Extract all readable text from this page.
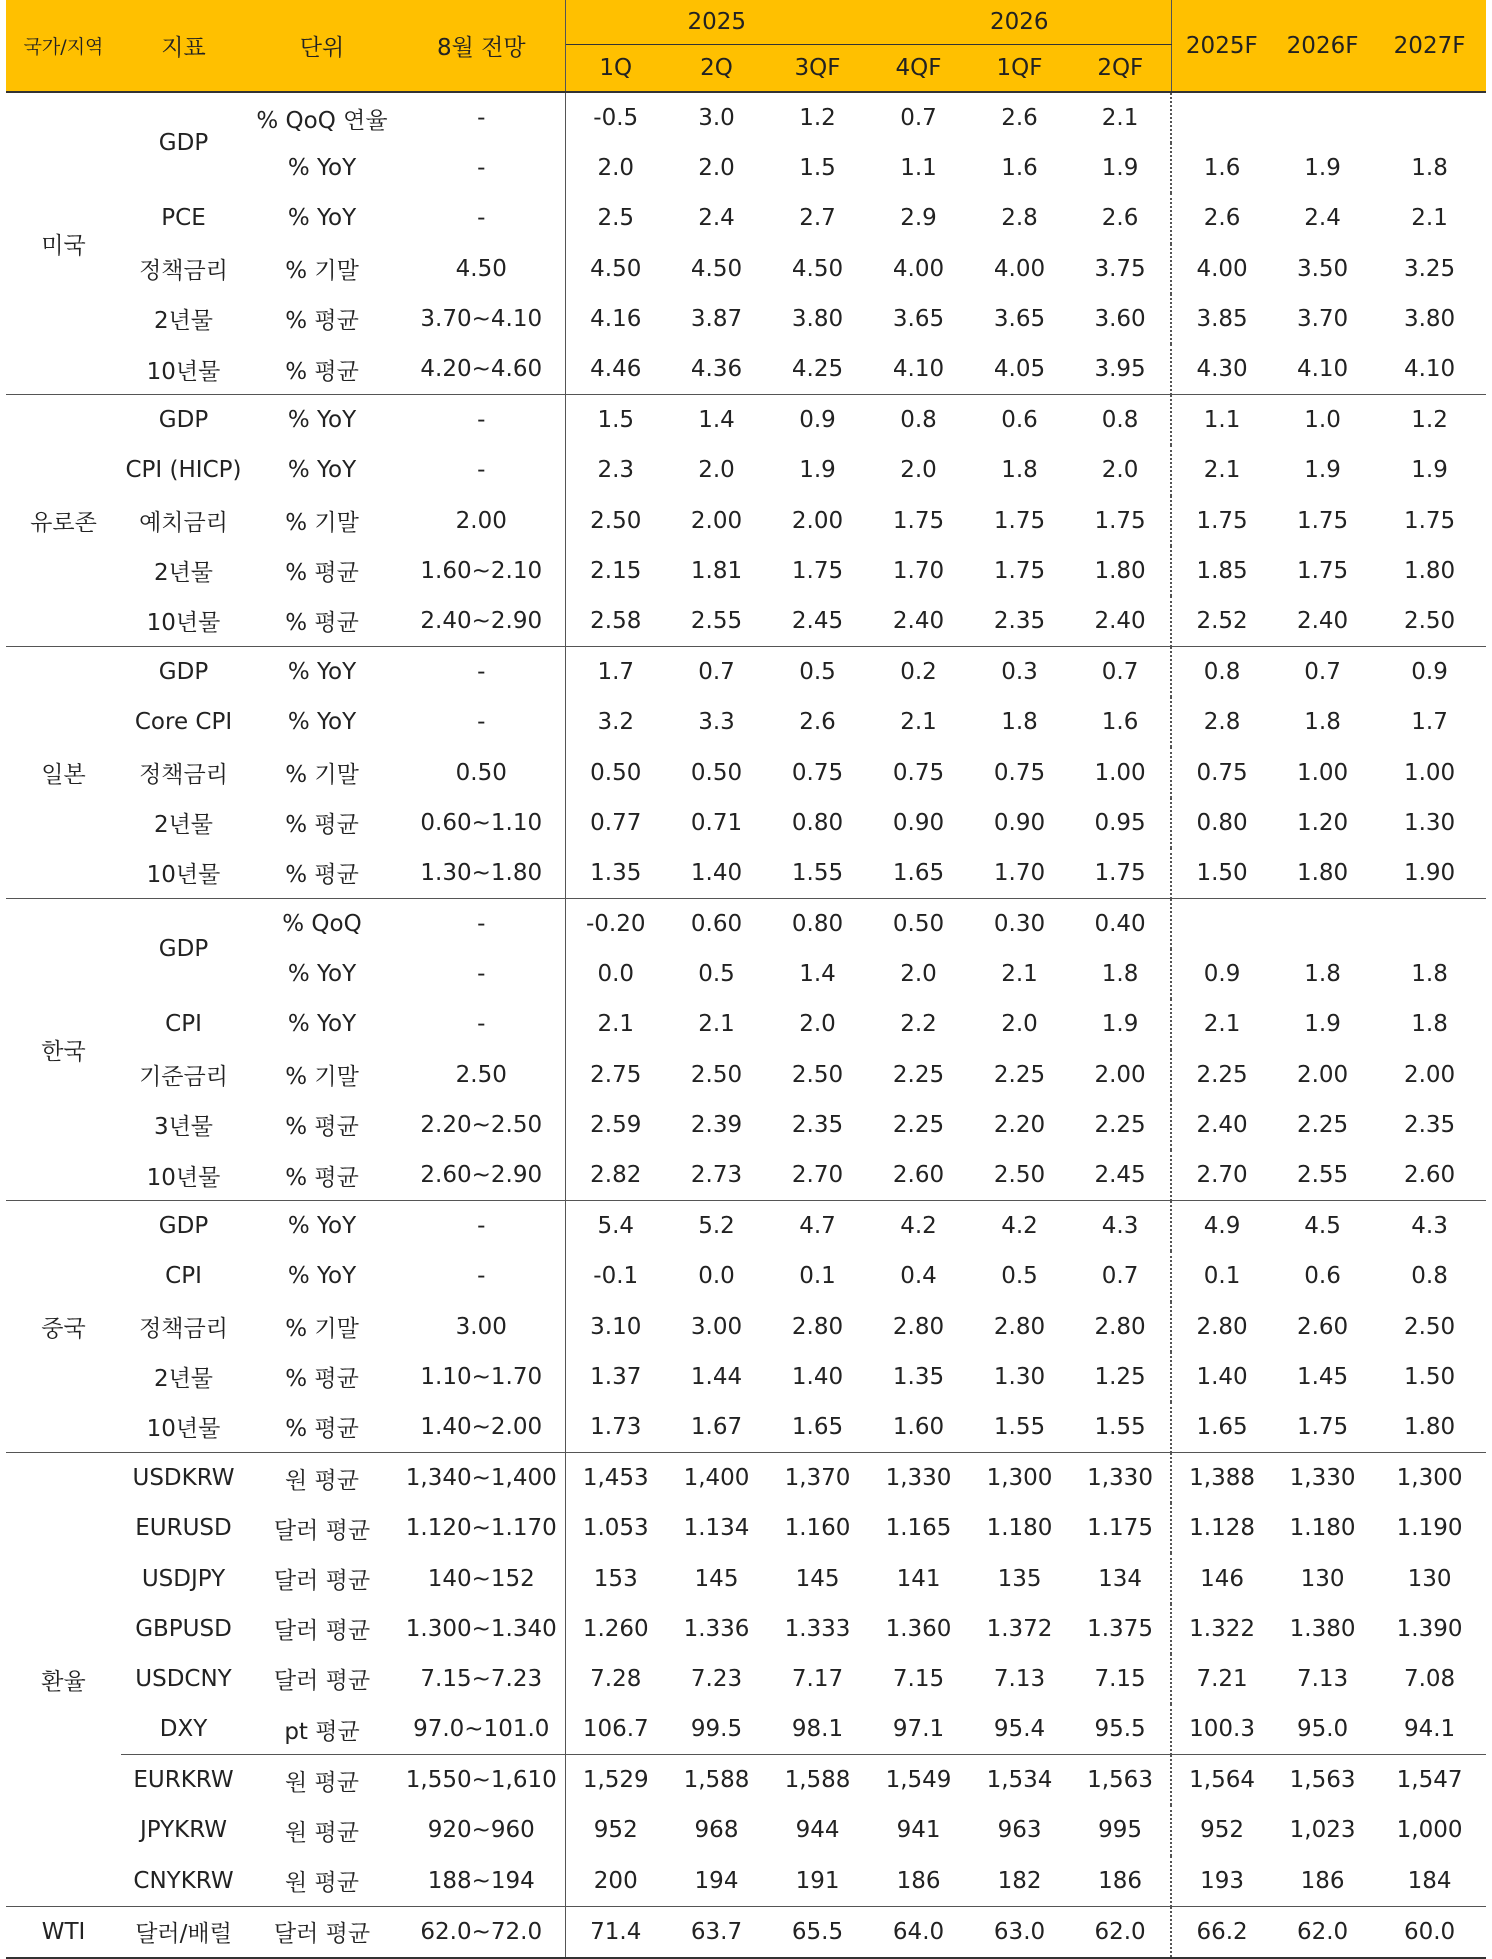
국가/지역	지표	단위	8월 전망	2025			2026			2025F	2026F	2027F
				1Q	2Q	3QF	4QF	1QF	2QF			
미국	GDP	% QoQ 연율	-	-0.5	3.0	1.2	0.7	2.6	2.1			
		% YoY	-	2.0	2.0	1.5	1.1	1.6	1.9	1.6	1.9	1.8
	PCE	% YoY	-	2.5	2.4	2.7	2.9	2.8	2.6	2.6	2.4	2.1
	정책금리	% 기말	4.50	4.50	4.50	4.50	4.00	4.00	3.75	4.00	3.50	3.25
	2년물	% 평균	3.70~4.10	4.16	3.87	3.80	3.65	3.65	3.60	3.85	3.70	3.80
	10년물	% 평균	4.20~4.60	4.46	4.36	4.25	4.10	4.05	3.95	4.30	4.10	4.10
유로존	GDP	% YoY	-	1.5	1.4	0.9	0.8	0.6	0.8	1.1	1.0	1.2
	CPI (HICP)	% YoY	-	2.3	2.0	1.9	2.0	1.8	2.0	2.1	1.9	1.9
	예치금리	% 기말	2.00	2.50	2.00	2.00	1.75	1.75	1.75	1.75	1.75	1.75
	2년물	% 평균	1.60~2.10	2.15	1.81	1.75	1.70	1.75	1.80	1.85	1.75	1.80
	10년물	% 평균	2.40~2.90	2.58	2.55	2.45	2.40	2.35	2.40	2.52	2.40	2.50
일본	GDP	% YoY	-	1.7	0.7	0.5	0.2	0.3	0.7	0.8	0.7	0.9
	Core CPI	% YoY	-	3.2	3.3	2.6	2.1	1.8	1.6	2.8	1.8	1.7
	정책금리	% 기말	0.50	0.50	0.50	0.75	0.75	0.75	1.00	0.75	1.00	1.00
	2년물	% 평균	0.60~1.10	0.77	0.71	0.80	0.90	0.90	0.95	0.80	1.20	1.30
	10년물	% 평균	1.30~1.80	1.35	1.40	1.55	1.65	1.70	1.75	1.50	1.80	1.90
한국	GDP	% QoQ	-	-0.20	0.60	0.80	0.50	0.30	0.40			
		% YoY	-	0.0	0.5	1.4	2.0	2.1	1.8	0.9	1.8	1.8
	CPI	% YoY	-	2.1	2.1	2.0	2.2	2.0	1.9	2.1	1.9	1.8
	기준금리	% 기말	2.50	2.75	2.50	2.50	2.25	2.25	2.00	2.25	2.00	2.00
	3년물	% 평균	2.20~2.50	2.59	2.39	2.35	2.25	2.20	2.25	2.40	2.25	2.35
	10년물	% 평균	2.60~2.90	2.82	2.73	2.70	2.60	2.50	2.45	2.70	2.55	2.60
중국	GDP	% YoY	-	5.4	5.2	4.7	4.2	4.2	4.3	4.9	4.5	4.3
	CPI	% YoY	-	-0.1	0.0	0.1	0.4	0.5	0.7	0.1	0.6	0.8
	정책금리	% 기말	3.00	3.10	3.00	2.80	2.80	2.80	2.80	2.80	2.60	2.50
	2년물	% 평균	1.10~1.70	1.37	1.44	1.40	1.35	1.30	1.25	1.40	1.45	1.50
	10년물	% 평균	1.40~2.00	1.73	1.67	1.65	1.60	1.55	1.55	1.65	1.75	1.80
환율	USDKRW	원 평균	1,340~1,400	1,453	1,400	1,370	1,330	1,300	1,330	1,388	1,330	1,300
	EURUSD	달러 평균	1.120~1.170	1.053	1.134	1.160	1.165	1.180	1.175	1.128	1.180	1.190
	USDJPY	달러 평균	140~152	153	145	145	141	135	134	146	130	130
	GBPUSD	달러 평균	1.300~1.340	1.260	1.336	1.333	1.360	1.372	1.375	1.322	1.380	1.390
	USDCNY	달러 평균	7.15~7.23	7.28	7.23	7.17	7.15	7.13	7.15	7.21	7.13	7.08
	DXY	pt 평균	97.0~101.0	106.7	99.5	98.1	97.1	95.4	95.5	100.3	95.0	94.1
	EURKRW	원 평균	1,550~1,610	1,529	1,588	1,588	1,549	1,534	1,563	1,564	1,563	1,547
	JPYKRW	원 평균	920~960	952	968	944	941	963	995	952	1,023	1,000
	CNYKRW	원 평균	188~194	200	194	191	186	182	186	193	186	184
WTI	달러/배럴	달러 평균	62.0~72.0	71.4	63.7	65.5	64.0	63.0	62.0	66.2	62.0	60.0
